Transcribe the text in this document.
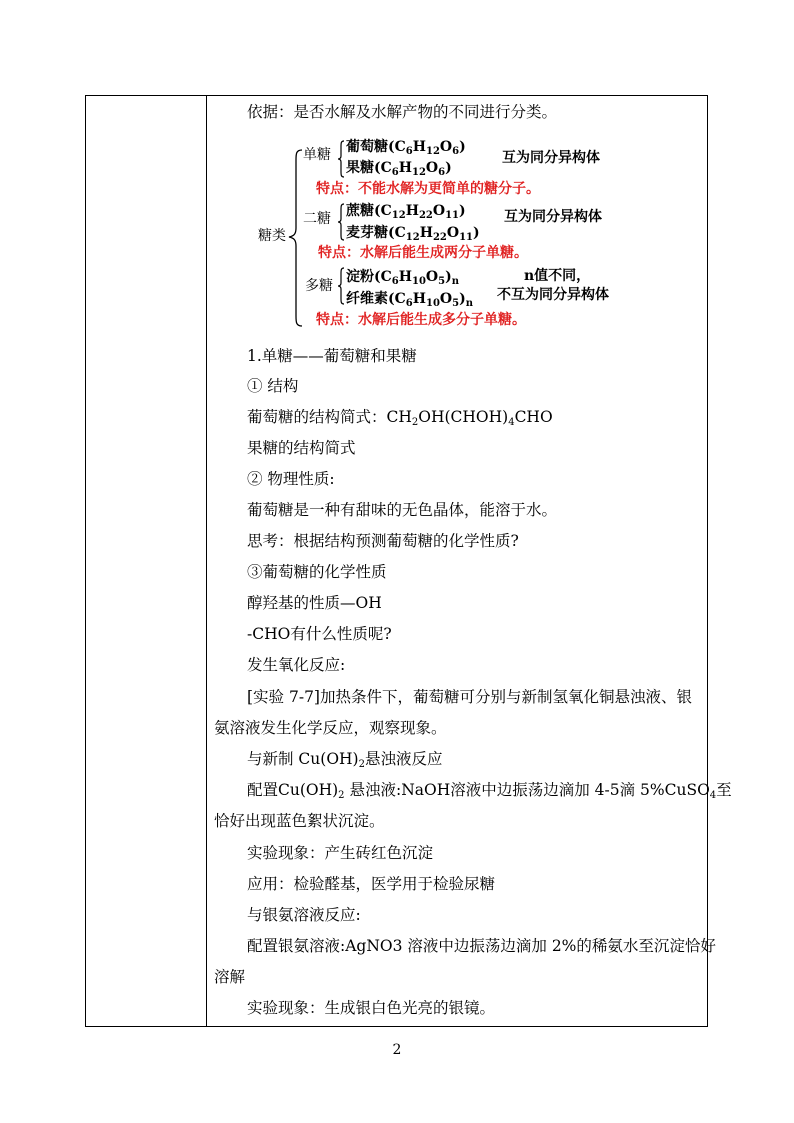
依据：是否水解及水解产物的不同进行分类。
糖类
单糖 葡萄糖$(C_6H_{12}O_6)$
果糖$(C_6H_{12}O_6)$
互为同分异构体
特点：不能水解为更简单的糖分子。
二糖 蔗糖$(C_{12}H_{22}O_{11})$
麦芽糖$(C_{12}H_{22}O_{11})$
互为同分异构体
特点：水解后能生成两分子单糖。
多糖
淀粉$(C_6H_{10}O_5)_n$
纤维素$(C_6H_{10}O_5)_n$
n值不同，
不互为同分异构体
特点：水解后能生成多分子单糖。
1.单糖——葡萄糖和果糖
① 结构
葡萄糖的结构简式：$CH_2OH(CHOH)_4CHO$
果糖的结构简式
② 物理性质:
葡萄糖是一种有甜味的无色晶体，能溶于水。
思考：根据结构预测葡萄糖的化学性质?
③葡萄糖的化学性质
醇羟基的性质—OH
-CHO有什么性质呢?
发生氧化反应:
[实验 7-7]加热条件下，葡萄糖可分别与新制氢氧化铜悬浊液、银
氨溶液发生化学反应，观察现象。
与新制 $Cu(OH)_2$悬浊液反应
配置$Cu(OH)_2$ 悬浊液:NaOH溶液中边振荡边滴加 4-5滴 5%CuSO$_4$至
恰好出现蓝色絮状沉淀。
实验现象：产生砖红色沉淀
应用：检验醛基，医学用于检验尿糖
与银氨溶液反应:
配置银氨溶液:AgNO3 溶液中边振荡边滴加 2%的稀氨水至沉淀恰好
溶解
实验现象：生成银白色光亮的银镜。
2
